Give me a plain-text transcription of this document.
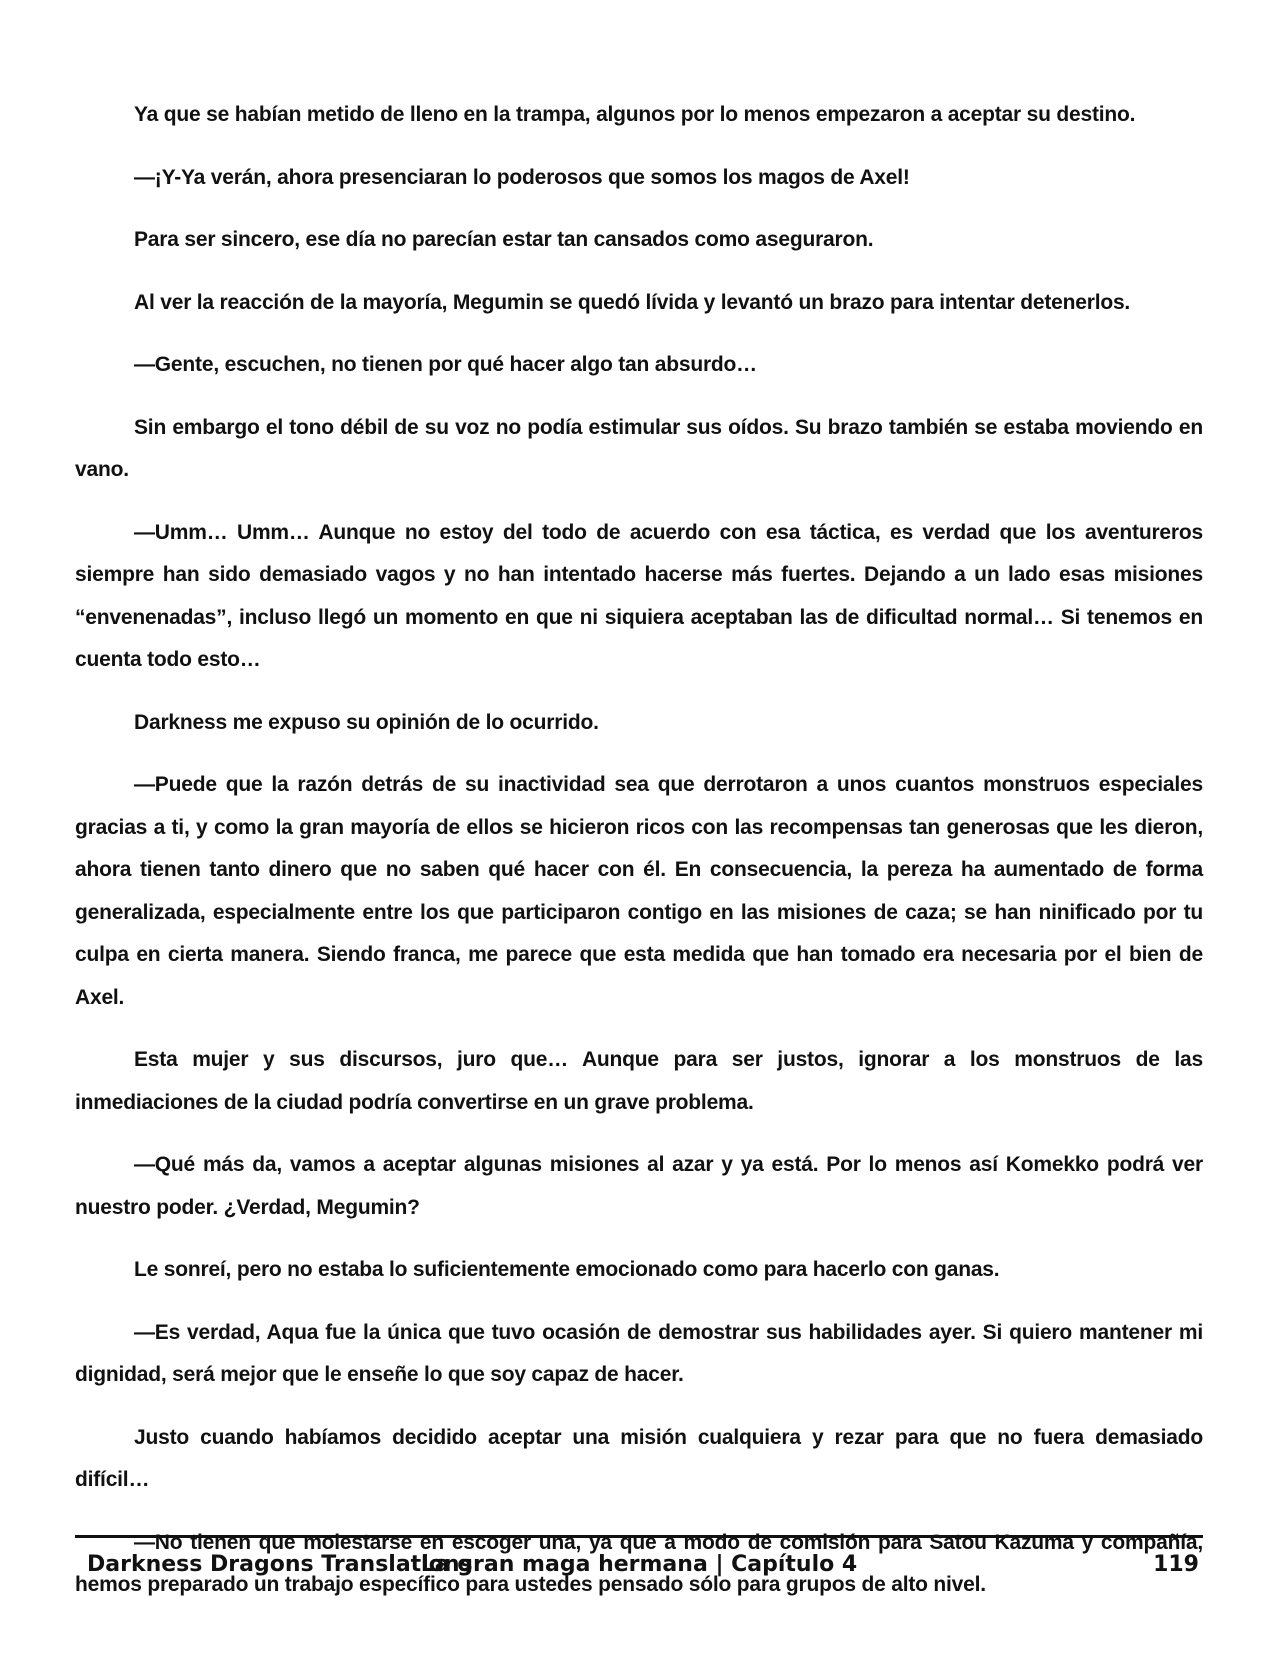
Ya que se habían metido de lleno en la trampa, algunos por lo menos empezaron a aceptar su destino.

—¡Y-Ya verán, ahora presenciaran lo poderosos que somos los magos de Axel!

Para ser sincero, ese día no parecían estar tan cansados como aseguraron.

Al ver la reacción de la mayoría, Megumin se quedó lívida y levantó un brazo para intentar detenerlos.

—Gente, escuchen, no tienen por qué hacer algo tan absurdo…

Sin embargo el tono débil de su voz no podía estimular sus oídos. Su brazo también se estaba moviendo en vano.

—Umm… Umm… Aunque no estoy del todo de acuerdo con esa táctica, es verdad que los aventureros siempre han sido demasiado vagos y no han intentado hacerse más fuertes. Dejando a un lado esas misiones “envenenadas”, incluso llegó un momento en que ni siquiera aceptaban las de dificultad normal… Si tenemos en cuenta todo esto…

Darkness me expuso su opinión de lo ocurrido.

—Puede que la razón detrás de su inactividad sea que derrotaron a unos cuantos monstruos especiales gracias a ti, y como la gran mayoría de ellos se hicieron ricos con las recompensas tan generosas que les dieron, ahora tienen tanto dinero que no saben qué hacer con él. En consecuencia, la pereza ha aumentado de forma generalizada, especialmente entre los que participaron contigo en las misiones de caza; se han ninificado por tu culpa en cierta manera. Siendo franca, me parece que esta medida que han tomado era necesaria por el bien de Axel.

Esta mujer y sus discursos, juro que… Aunque para ser justos, ignorar a los monstruos de las inmediaciones de la ciudad podría convertirse en un grave problema.

—Qué más da, vamos a aceptar algunas misiones al azar y ya está. Por lo menos así Komekko podrá ver nuestro poder. ¿Verdad, Megumin?

Le sonreí, pero no estaba lo suficientemente emocionado como para hacerlo con ganas.

—Es verdad, Aqua fue la única que tuvo ocasión de demostrar sus habilidades ayer. Si quiero mantener mi dignidad, será mejor que le enseñe lo que soy capaz de hacer.

Justo cuando habíamos decidido aceptar una misión cualquiera y rezar para que no fuera demasiado difícil…

—No tienen que molestarse en escoger una, ya que a modo de comisión para Satou Kazuma y compañía, hemos preparado un trabajo específico para ustedes pensado sólo para grupos de alto nivel.

Darkness Dragons Translations
La gran maga hermana | Capítulo 4	119
